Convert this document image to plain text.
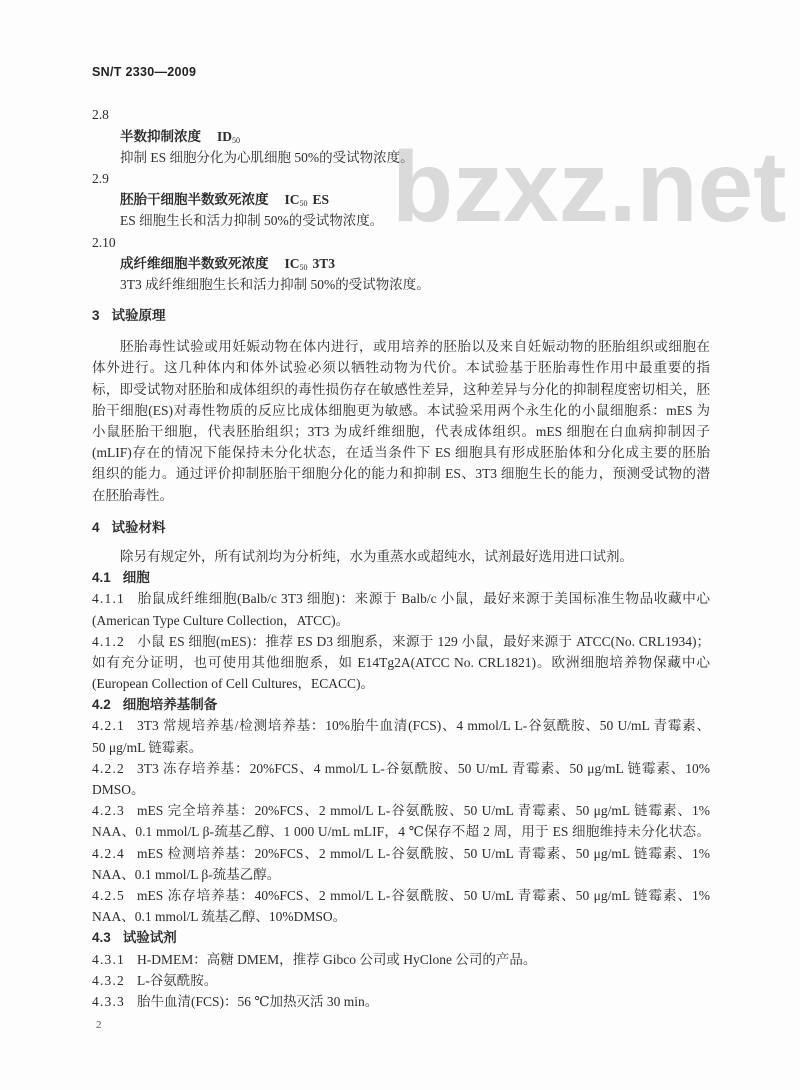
SN/T 2330—2009
bzxz.net
2.8
半数抑制浓度 $ID_{50}$
抑制 ES 细胞分化为心肌细胞 50%的受试物浓度。
2.9
胚胎干细胞半数致死浓度 $IC_{50}$ ES
ES 细胞生长和活力抑制 50%的受试物浓度。
2.10
成纤维细胞半数致死浓度 $IC_{50}$ 3T3
3T3 成纤维细胞生长和活力抑制 50%的受试物浓度。
3 试验原理
胚胎毒性试验或用妊娠动物在体内进行，或用培养的胚胎以及来自妊娠动物的胚胎组织或细胞在
体外进行。这几种体内和体外试验必须以牺牲动物为代价。本试验基于胚胎毒性作用中最重要的指
标，即受试物对胚胎和成体组织的毒性损伤存在敏感性差异，这种差异与分化的抑制程度密切相关，胚
胎干细胞(ES)对毒性物质的反应比成体细胞更为敏感。本试验采用两个永生化的小鼠细胞系：mES 为
小鼠胚胎干细胞，代表胚胎组织；3T3 为成纤维细胞，代表成体组织。mES 细胞在白血病抑制因子
(mLIF)存在的情况下能保持未分化状态，在适当条件下 ES 细胞具有形成胚胎体和分化成主要的胚胎
组织的能力。通过评价抑制胚胎干细胞分化的能力和抑制 ES、3T3 细胞生长的能力，预测受试物的潜
在胚胎毒性。
4 试验材料
除另有规定外，所有试剂均为分析纯，水为重蒸水或超纯水，试剂最好选用进口试剂。
4.1 细胞
4.1.1 胎鼠成纤维细胞(Balb/c 3T3 细胞)：来源于 Balb/c 小鼠，最好来源于美国标准生物品收藏中心
(American Type Culture Collection，ATCC)。
4.1.2 小鼠 ES 细胞(mES)：推荐 ES D3 细胞系，来源于 129 小鼠，最好来源于 ATCC(No. CRL1934)；
如有充分证明，也可使用其他细胞系，如 E14Tg2A(ATCC No. CRL1821)。欧洲细胞培养物保藏中心
(European Collection of Cell Cultures，ECACC)。
4.2 细胞培养基制备
4.2.1 3T3 常规培养基/检测培养基：10%胎牛血清(FCS)、4 mmol/L L-谷氨酰胺、50 U/mL 青霉素、
50 μg/mL 链霉素。
4.2.2 3T3 冻存培养基：20%FCS、4 mmol/L L-谷氨酰胺、50 U/mL 青霉素、50 μg/mL 链霉素、10%
DMSO。
4.2.3 mES 完全培养基：20%FCS、2 mmol/L L-谷氨酰胺、50 U/mL 青霉素、50 μg/mL 链霉素、1%
NAA、0.1 mmol/L β-巯基乙醇、1 000 U/mL mLIF，4 ℃保存不超 2 周，用于 ES 细胞维持未分化状态。
4.2.4 mES 检测培养基：20%FCS、2 mmol/L L-谷氨酰胺、50 U/mL 青霉素、50 μg/mL 链霉素、1%
NAA、0.1 mmol/L β-巯基乙醇。
4.2.5 mES 冻存培养基：40%FCS、2 mmol/L L-谷氨酰胺、50 U/mL 青霉素、50 μg/mL 链霉素、1%
NAA、0.1 mmol/L 巯基乙醇、10%DMSO。
4.3 试验试剂
4.3.1 H-DMEM：高糖 DMEM，推荐 Gibco 公司或 HyClone 公司的产品。
4.3.2 L-谷氨酰胺。
4.3.3 胎牛血清(FCS)：56 ℃加热灭活 30 min。
2
